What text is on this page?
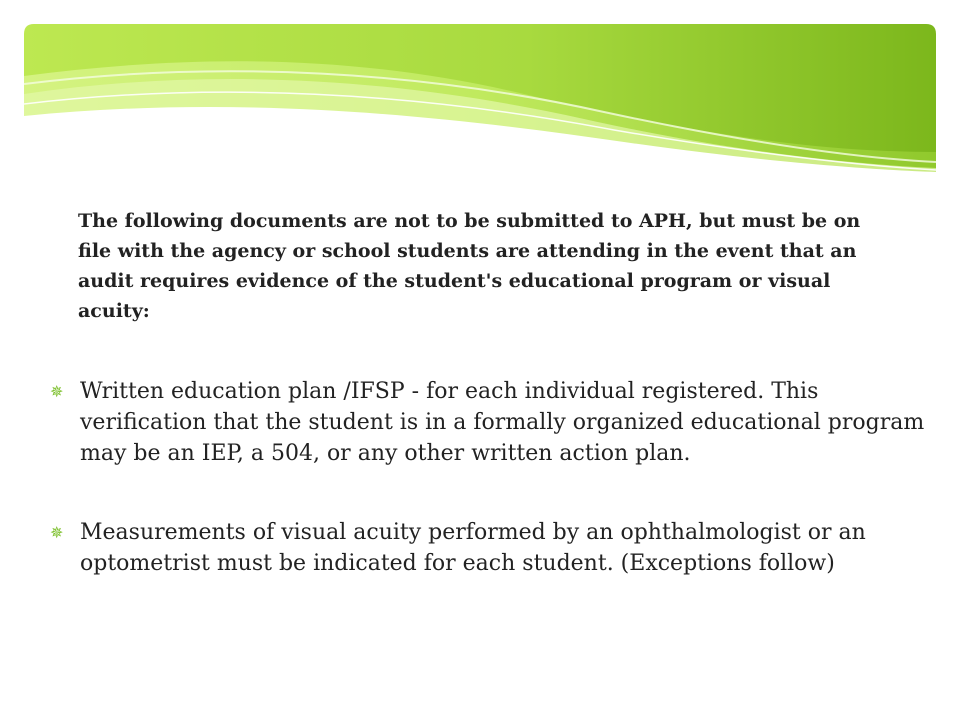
The following documents are not to be submitted to APH, but must be on file with the agency or school students are attending in the event that an audit requires evidence of the student's educational program or visual acuity:

✵ Written education plan /IFSP - for each individual registered. This verification that the student is in a formally organized educational program may be an IEP, a 504, or any other written action plan.
✵ Measurements of visual acuity performed by an ophthalmologist or an optometrist must be indicated for each student. (Exceptions follow)
